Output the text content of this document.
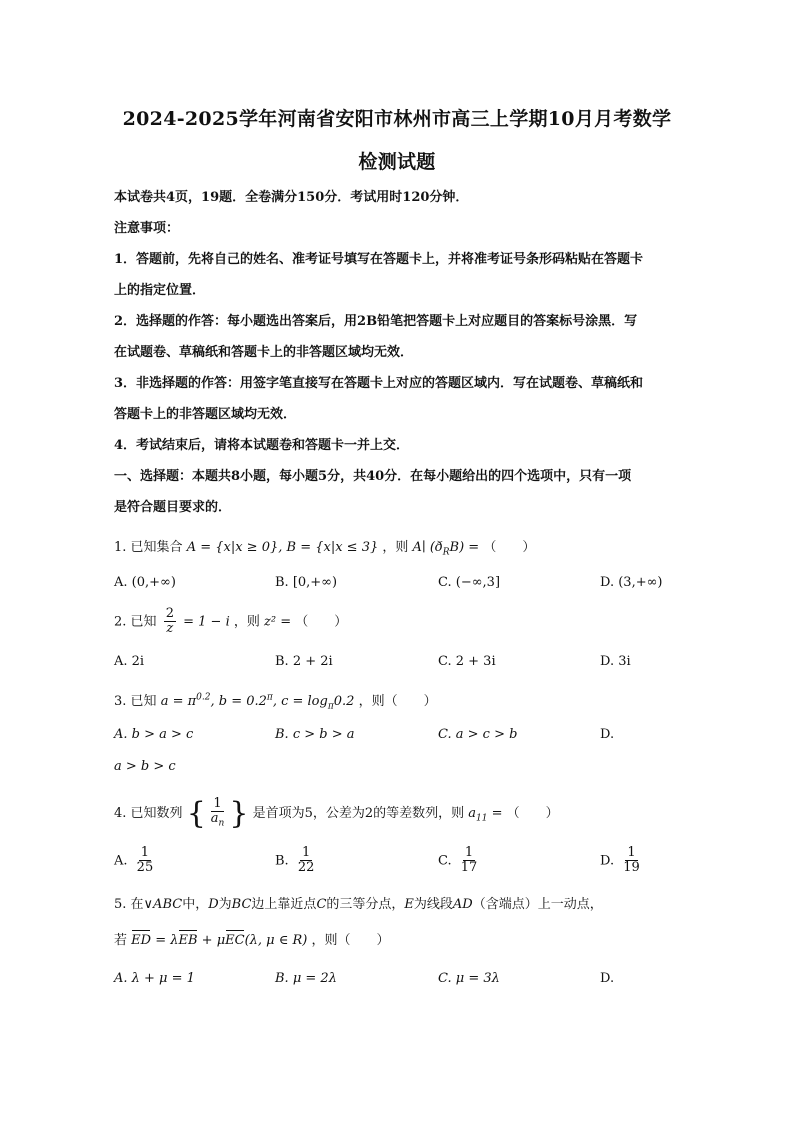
2024-2025学年河南省安阳市林州市高三上学期10月月考数学
检测试题
本试卷共4页，19题．全卷满分150分．考试用时120分钟．
注意事项：
1．答题前，先将自己的姓名、准考证号填写在答题卡上，并将准考证号条形码粘贴在答题卡
上的指定位置．
2．选择题的作答：每小题选出答案后，用2B铅笔把答题卡上对应题目的答案标号涂黑．写
在试题卷、草稿纸和答题卡上的非答题区域均无效．
3．非选择题的作答：用签字笔直接写在答题卡上对应的答题区域内．写在试题卷、草稿纸和
答题卡上的非答题区域均无效．
4．考试结束后，请将本试题卷和答题卡一并上交．
一、选择题：本题共8小题，每小题5分，共40分．在每小题给出的四个选项中，只有一项
是符合题目要求的．
1. 已知集合 A = {x|x ≥ 0}, B = {x|x ≤ 3} ，则 A∣ $(ð_RB)$ = （　　）
A. (0,+∞)	B. [0,+∞)	C. (−∞,3]	D. (3,+∞)
2. 已知 $\frac{2}{z} = 1 - i$ ，则 z² = （　　）
A. 2i	B. 2 + 2i	C. 2 + 3i	D. 3i
3. 已知 $a = \pi^{0.2}$, $b = 0.2^\pi$, $c = \log_\pi 0.2$ ，则（　　）
A. b > a > c	B. c > b > a	C. a > c > b	D.
a > b > c
4. 已知数列 { $\frac{1}{a_n}$ } 是首项为5，公差为2的等差数列，则 $a_{11}$ = （　　）
A. $\frac{1}{25}$	B. $\frac{1}{22}$	C. $\frac{1}{17}$	D. $\frac{1}{19}$
5. 在∨ABC中，D为BC边上靠近点C的三等分点，E为线段AD（含端点）上一动点，
若 ED = λEB + μEC(λ, μ ∈ R) ，则（　　）
A. λ + μ = 1	B. μ = 2λ	C. μ = 3λ	D.
